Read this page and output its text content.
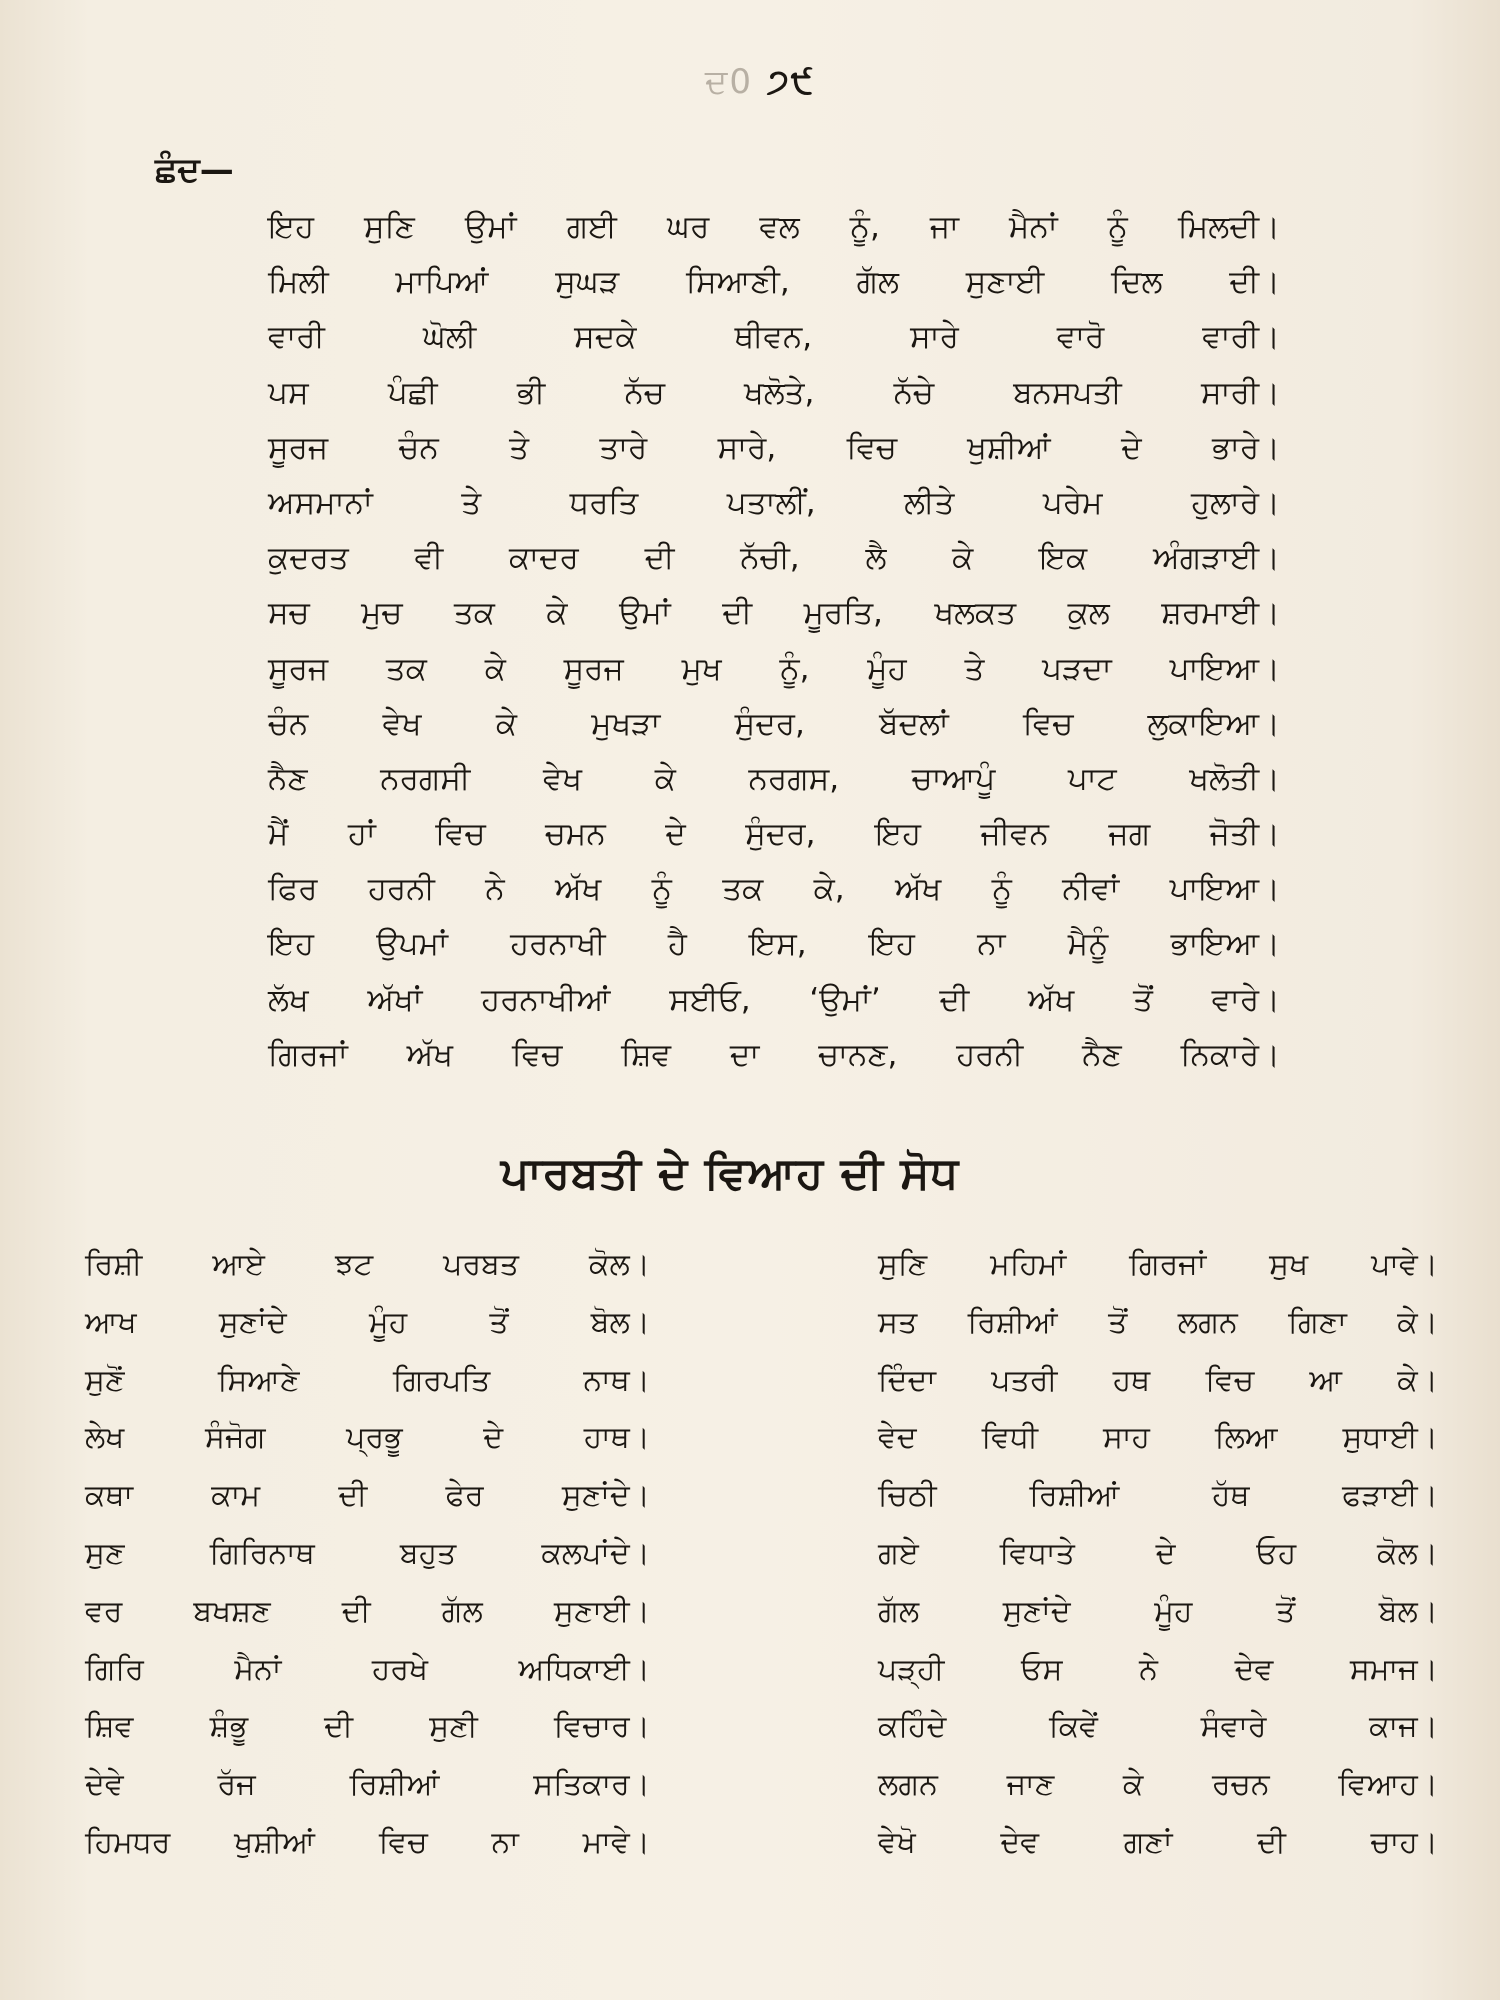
ਦ0 ੭੯
ਛੰਦ—
ਇਹ ਸੁਣਿ ਉਮਾਂ ਗਈ ਘਰ ਵਲ ਨੂੰ, ਜਾ ਮੈਨਾਂ ਨੂੰ ਮਿਲਦੀ।
ਮਿਲੀ ਮਾਪਿਆਂ ਸੁਘੜ ਸਿਆਣੀ, ਗੱਲ ਸੁਣਾਈ ਦਿਲ ਦੀ।
ਵਾਰੀ ਘੋਲੀ ਸਦਕੇ ਥੀਵਨ, ਸਾਰੇ ਵਾਰੋ ਵਾਰੀ।
ਪਸ ਪੰਛੀ ਭੀ ਨੱਚ ਖਲੋਤੇ, ਨੱਚੇ ਬਨਸਪਤੀ ਸਾਰੀ।
ਸੂਰਜ ਚੰਨ ਤੇ ਤਾਰੇ ਸਾਰੇ, ਵਿਚ ਖੁਸ਼ੀਆਂ ਦੇ ਭਾਰੇ।
ਅਸਮਾਨਾਂ ਤੇ ਧਰਤਿ ਪਤਾਲੀਂ, ਲੀਤੇ ਪਰੇਮ ਹੁਲਾਰੇ।
ਕੁਦਰਤ ਵੀ ਕਾਦਰ ਦੀ ਨੱਚੀ, ਲੈ ਕੇ ਇਕ ਅੰਗੜਾਈ।
ਸਚ ਮੁਚ ਤਕ ਕੇ ਉਮਾਂ ਦੀ ਮੂਰਤਿ, ਖਲਕਤ ਕੁਲ ਸ਼ਰਮਾਈ।
ਸੂਰਜ ਤਕ ਕੇ ਸੂਰਜ ਮੁਖ ਨੂੰ, ਮੂੰਹ ਤੇ ਪੜਦਾ ਪਾਇਆ।
ਚੰਨ ਵੇਖ ਕੇ ਮੁਖੜਾ ਸੁੰਦਰ, ਬੱਦਲਾਂ ਵਿਚ ਲੁਕਾਇਆ।
ਨੈਣ ਨਰਗਸੀ ਵੇਖ ਕੇ ਨਰਗਸ, ਚਾਆਪੂੰ ਪਾਟ ਖਲੋਤੀ।
ਮੈਂ ਹਾਂ ਵਿਚ ਚਮਨ ਦੇ ਸੁੰਦਰ, ਇਹ ਜੀਵਨ ਜਗ ਜੋਤੀ।
ਫਿਰ ਹਰਨੀ ਨੇ ਅੱਖ ਨੂੰ ਤਕ ਕੇ, ਅੱਖ ਨੂੰ ਨੀਵਾਂ ਪਾਇਆ।
ਇਹ ਉਪਮਾਂ ਹਰਨਾਖੀ ਹੈ ਇਸ, ਇਹ ਨਾ ਮੈਨੂੰ ਭਾਇਆ।
ਲੱਖ ਅੱਖਾਂ ਹਰਨਾਖੀਆਂ ਸਈਓ, ‘ਉਮਾਂ’ ਦੀ ਅੱਖ ਤੋਂ ਵਾਰੇ।
ਗਿਰਜਾਂ ਅੱਖ ਵਿਚ ਸ਼ਿਵ ਦਾ ਚਾਨਣ, ਹਰਨੀ ਨੈਣ ਨਿਕਾਰੇ।
ਪਾਰਬਤੀ ਦੇ ਵਿਆਹ ਦੀ ਸੋਧ
ਰਿਸ਼ੀ ਆਏ ਝਟ ਪਰਬਤ ਕੋਲ।
ਆਖ ਸੁਣਾਂਦੇ ਮੂੰਹ ਤੋਂ ਬੋਲ।
ਸੁਣੋਂ ਸਿਆਣੇ ਗਿਰਪਤਿ ਨਾਥ।
ਲੇਖ ਸੰਜੋਗ ਪ੍ਰਭੂ ਦੇ ਹਾਥ।
ਕਥਾ ਕਾਮ ਦੀ ਫੇਰ ਸੁਣਾਂਦੇ।
ਸੁਣ ਗਿਰਿਨਾਥ ਬਹੁਤ ਕਲਪਾਂਦੇ।
ਵਰ ਬਖਸ਼ਣ ਦੀ ਗੱਲ ਸੁਣਾਈ।
ਗਿਰਿ ਮੈਨਾਂ ਹਰਖੇ ਅਧਿਕਾਈ।
ਸ਼ਿਵ ਸ਼ੰਭੂ ਦੀ ਸੁਣੀ ਵਿਚਾਰ।
ਦੇਵੇ ਰੱਜ ਰਿਸ਼ੀਆਂ ਸਤਿਕਾਰ।
ਹਿਮਧਰ ਖੁਸ਼ੀਆਂ ਵਿਚ ਨਾ ਮਾਵੇ।
ਸੁਣਿ ਮਹਿਮਾਂ ਗਿਰਜਾਂ ਸੁਖ ਪਾਵੇ।
ਸਤ ਰਿਸ਼ੀਆਂ ਤੋਂ ਲਗਨ ਗਿਣਾ ਕੇ।
ਦਿੰਦਾ ਪਤਰੀ ਹਥ ਵਿਚ ਆ ਕੇ।
ਵੇਦ ਵਿਧੀ ਸਾਹ ਲਿਆ ਸੁਧਾਈ।
ਚਿਠੀ ਰਿਸ਼ੀਆਂ ਹੱਥ ਫੜਾਈ।
ਗਏ ਵਿਧਾਤੇ ਦੇ ਓਹ ਕੋਲ।
ਗੱਲ ਸੁਣਾਂਦੇ ਮੂੰਹ ਤੋਂ ਬੋਲ।
ਪੜ੍ਹੀ ਓਸ ਨੇ ਦੇਵ ਸਮਾਜ।
ਕਹਿੰਦੇ ਕਿਵੇਂ ਸੰਵਾਰੇ ਕਾਜ।
ਲਗਨ ਜਾਣ ਕੇ ਰਚਨ ਵਿਆਹ।
ਵੇਖੋ ਦੇਵ ਗਣਾਂ ਦੀ ਚਾਹ।
